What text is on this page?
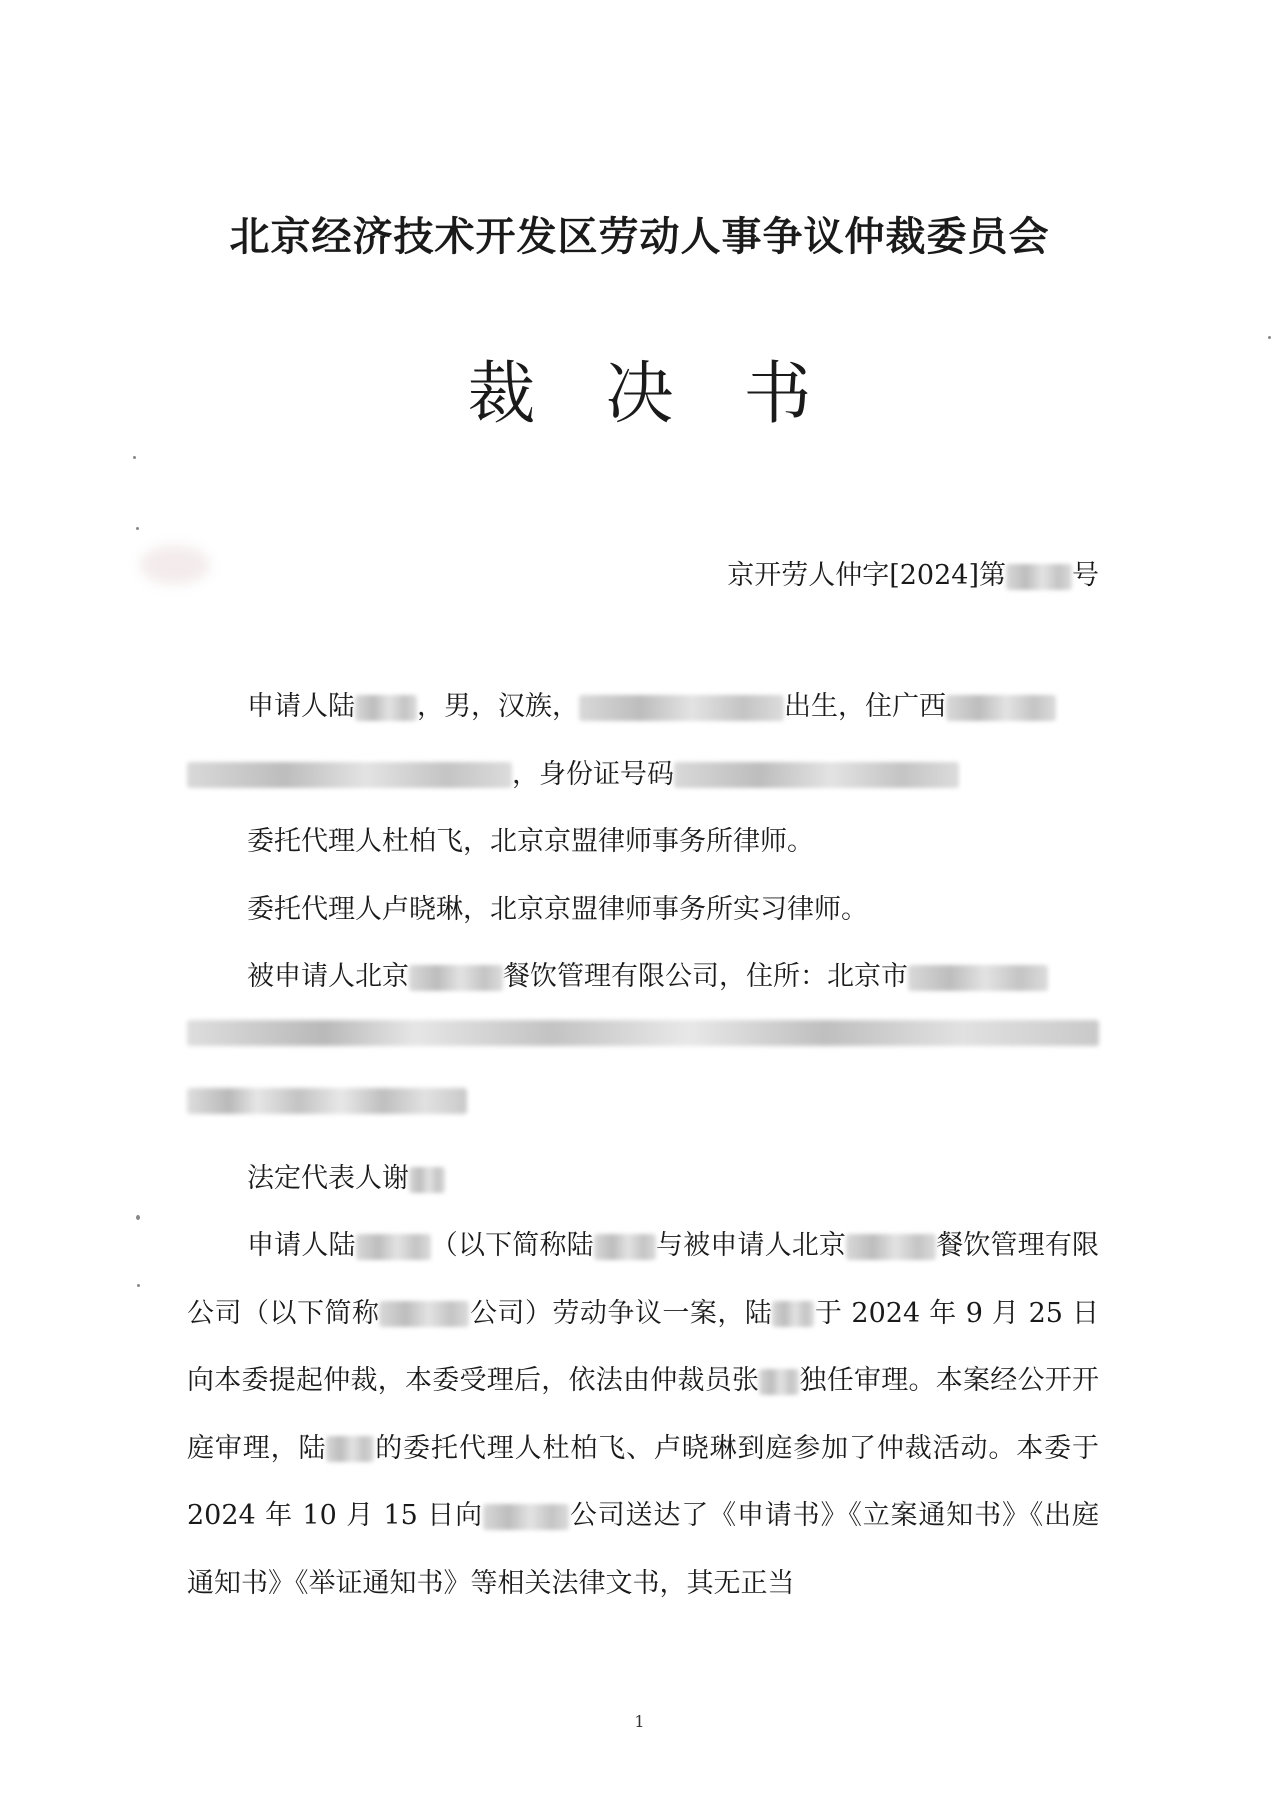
北京经济技术开发区劳动人事争议仲裁委员会
裁决书
京开劳人仲字[2024]第 号

申请人陆 ，男，汉族，	出生，住广西

，身份证号码

委托代理人杜柏飞，北京京盟律师事务所律师。

委托代理人卢晓琳，北京京盟律师事务所实习律师。

被申请人北京	餐饮管理有限公司，住所：北京市

法定代表人谢

申请人陆	（以下简称陆 与被申请人北京	餐饮管理有限公司（以下简称	公司）劳动争议一案，陆 于 2024 年 9 月 25 日向本委提起仲裁，本委受理后，依法由仲裁员张 独任审理。本案经公开开庭审理，陆 的委托代理人杜柏飞、卢晓琳到庭参加了仲裁活动。本委于 2024 年 10 月 15 日向	公司送达了《申请书》《立案通知书》《出庭通知书》《举证通知书》等相关法律文书，其无正当

1
